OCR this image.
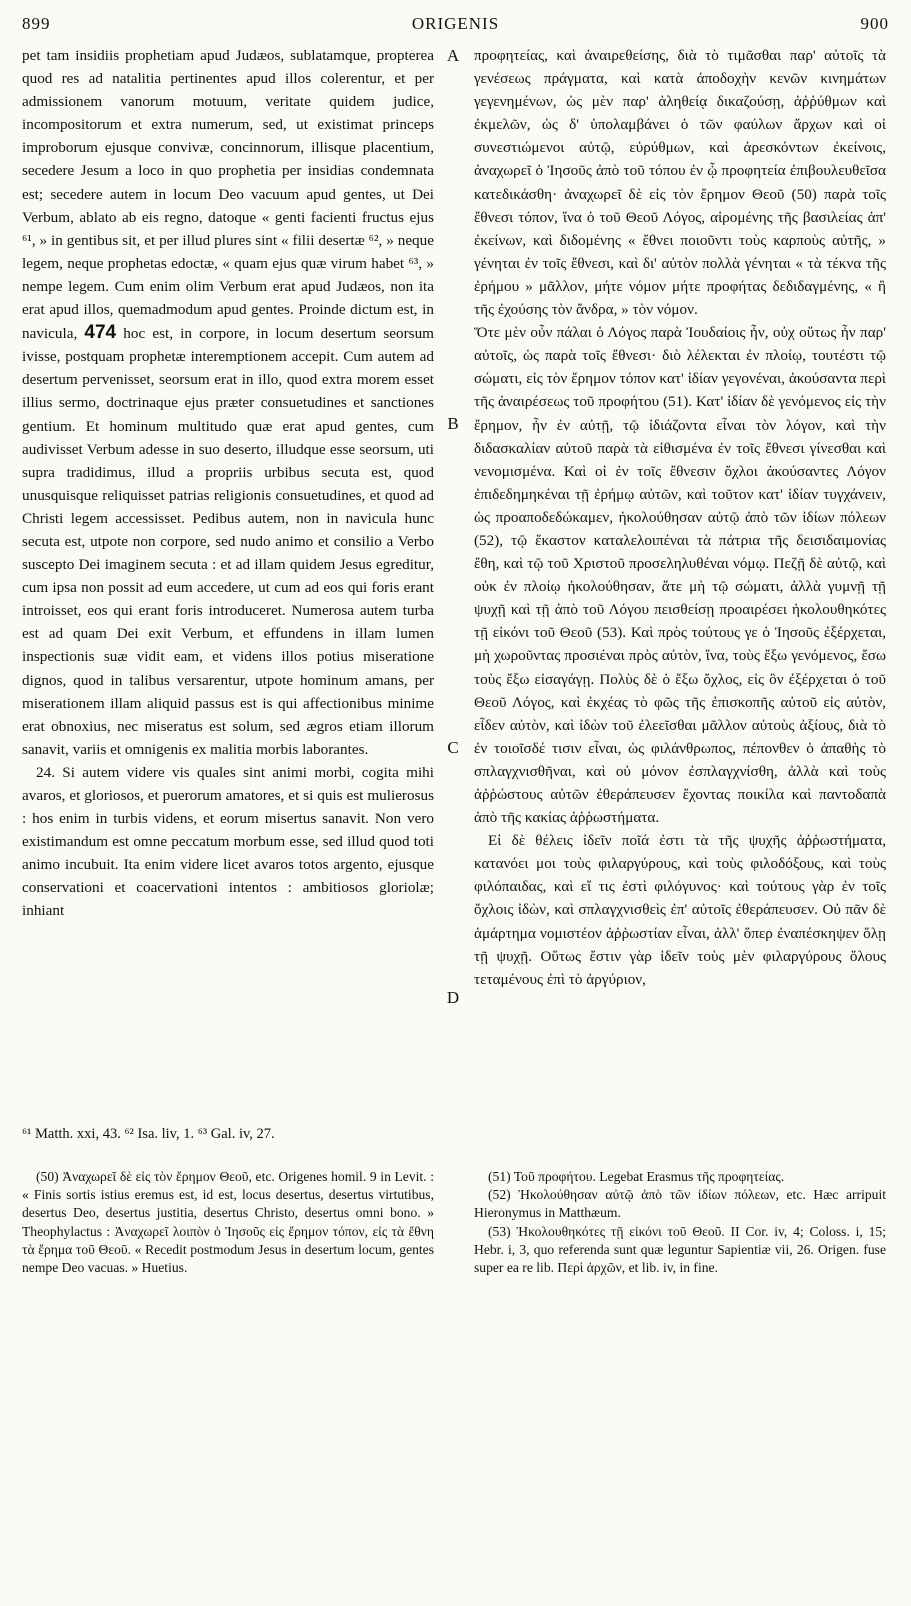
899	ORIGENIS	900

pet tam insidiis prophetiam apud Judæos, sublatamque, propterea quod res ad natalitia pertinentes apud illos colerentur, et per admissionem vanorum motuum, veritate quidem judice, incompositorum et extra numerum, sed, ut existimat princeps improborum ejusque convivæ, concinnorum, illisque placentium, secedere Jesum a loco in quo prophetia per insidias condemnata est; secedere autem in locum Deo vacuum apud gentes, ut Dei Verbum, ablato ab eis regno, datoque « genti facienti fructus ejus ⁶¹, » in gentibus sit, et per illud plures sint « filii desertæ ⁶², » neque legem, neque prophetas edoctæ, « quam ejus quæ virum habet ⁶³, » nempe legem. Cum enim olim Verbum erat apud Judæos, non ita erat apud illos, quemadmodum apud gentes. Proinde dictum est, in navicula, 474 hoc est, in corpore, in locum desertum seorsum ivisse, postquam prophetæ interemptionem accepit. Cum autem ad desertum pervenisset, seorsum erat in illo, quod extra morem esset illius sermo, doctrinaque ejus præter consuetudines et sanctiones gentium. Et hominum multitudo quæ erat apud gentes, cum audivisset Verbum adesse in suo deserto, illudque esse seorsum, uti supra tradidimus, illud a propriis urbibus secuta est, quod unusquisque reliquisset patrias religionis consuetudines, et quod ad Christi legem accessisset. Pedibus autem, non in navicula hunc secuta est, utpote non corpore, sed nudo animo et consilio a Verbo suscepto Dei imaginem secuta : et ad illam quidem Jesus egreditur, cum ipsa non possit ad eum accedere, ut cum ad eos qui foris erant introisset, eos qui erant foris introduceret. Numerosa autem turba est ad quam Dei exit Verbum, et effundens in illam lumen inspectionis suæ vidit eam, et videns illos potius miseratione dignos, quod in talibus versarentur, utpote hominum amans, per miserationem illam aliquid passus est is qui affectionibus minime erat obnoxius, nec miseratus est solum, sed ægros etiam illorum sanavit, variis et omnigenis ex malitia morbis laborantes.

24. Si autem videre vis quales sint animi morbi, cogita mihi avaros, et gloriosos, et puerorum amatores, et si quis est mulierosus : hos enim in turbis videns, et eorum misertus sanavit. Non vero existimandum est omne peccatum morbum esse, sed illud quod toti animo incubuit. Ita enim videre licet avaros totos argento, ejusque conservationi et coacervationi intentos : ambitiosos gloriolæ; inhiant

A
B
C
D

προφητείας, καὶ ἀναιρεθείσης, διὰ τὸ τιμᾶσθαι παρ' αὐτοῖς τὰ γενέσεως πράγματα, καὶ κατὰ ἀποδοχὴν κενῶν κινημάτων γεγενημένων, ὡς μὲν παρ' ἀληθείᾳ δικαζούσῃ, ἀῤῥύθμων καὶ ἐκμελῶν, ὡς δ' ὑπολαμβάνει ὁ τῶν φαύλων ἄρχων καὶ οἱ συνεστιώμενοι αὐτῷ, εὐρύθμων, καὶ ἀρεσκόντων ἐκείνοις, ἀναχωρεῖ ὁ Ἰησοῦς ἀπὸ τοῦ τόπου ἐν ᾧ προφητεία ἐπιβουλευθεῖσα κατεδικάσθη· ἀναχωρεῖ δὲ εἰς τὸν ἔρημον Θεοῦ (50) παρὰ τοῖς ἔθνεσι τόπον, ἵνα ὁ τοῦ Θεοῦ Λόγος, αἱρομένης τῆς βασιλείας ἀπ' ἐκείνων, καὶ διδομένης « ἔθνει ποιοῦντι τοὺς καρποὺς αὐτῆς, » γένηται ἐν τοῖς ἔθνεσι, καὶ δι' αὐτὸν πολλὰ γένηται « τὰ τέκνα τῆς ἐρήμου » μᾶλλον, μήτε νόμον μήτε προφήτας δεδιδαγμένης, « ἢ τῆς ἐχούσης τὸν ἄνδρα, » τὸν νόμον.

Ὅτε μὲν οὖν πάλαι ὁ Λόγος παρὰ Ἰουδαίοις ἦν, οὐχ οὕτως ἦν παρ' αὐτοῖς, ὡς παρὰ τοῖς ἔθνεσι· διὸ λέλεκται ἐν πλοίῳ, τουτέστι τῷ σώματι, εἰς τὸν ἔρημον τόπον κατ' ἰδίαν γεγονέναι, ἀκούσαντα περὶ τῆς ἀναιρέσεως τοῦ προφήτου (51). Κατ' ἰδίαν δὲ γενόμενος εἰς τὴν ἔρημον, ἦν ἐν αὐτῇ, τῷ ἰδιάζοντα εἶναι τὸν λόγον, καὶ τὴν διδασκαλίαν αὐτοῦ παρὰ τὰ εἰθισμένα ἐν τοῖς ἔθνεσι γίνεσθαι καὶ νενομισμένα. Καὶ οἱ ἐν τοῖς ἔθνεσιν ὄχλοι ἀκούσαντες Λόγον ἐπιδεδημηκέναι τῇ ἐρήμῳ αὐτῶν, καὶ τοῦτον κατ' ἰδίαν τυγχάνειν, ὡς προαποδεδώκαμεν, ἠκολούθησαν αὐτῷ ἀπὸ τῶν ἰδίων πόλεων (52), τῷ ἕκαστον καταλελοιπέναι τὰ πάτρια τῆς δεισιδαιμονίας ἔθη, καὶ τῷ τοῦ Χριστοῦ προσεληλυθέναι νόμῳ. Πεζῇ δὲ αὐτῷ, καὶ οὐκ ἐν πλοίῳ ἠκολούθησαν, ἅτε μὴ τῷ σώματι, ἀλλὰ γυμνῇ τῇ ψυχῇ καὶ τῇ ἀπὸ τοῦ Λόγου πεισθείσῃ προαιρέσει ἠκολουθηκότες τῇ εἰκόνι τοῦ Θεοῦ (53). Καὶ πρὸς τούτους γε ὁ Ἰησοῦς ἐξέρχεται, μὴ χωροῦντας προσιέναι πρὸς αὐτὸν, ἵνα, τοὺς ἔξω γενόμενος, ἔσω τοὺς ἔξω εἰσαγάγῃ. Πολὺς δὲ ὁ ἔξω ὄχλος, εἰς ὃν ἐξέρχεται ὁ τοῦ Θεοῦ Λόγος, καὶ ἐκχέας τὸ φῶς τῆς ἐπισκοπῆς αὐτοῦ εἰς αὐτὸν, εἶδεν αὐτὸν, καὶ ἰδὼν τοῦ ἐλεεῖσθαι μᾶλλον αὐτοὺς ἀξίους, διὰ τὸ ἐν τοιοῖσδέ τισιν εἶναι, ὡς φιλάνθρωπος, πέπονθεν ὁ ἀπαθὴς τὸ σπλαγχνισθῆναι, καὶ οὐ μόνον ἐσπλαγχνίσθη, ἀλλὰ καὶ τοὺς ἀῤῥώστους αὐτῶν ἐθεράπευσεν ἔχοντας ποικίλα καὶ παντοδαπὰ ἀπὸ τῆς κακίας ἀῤῥωστήματα.

Εἰ δὲ θέλεις ἰδεῖν ποῖά ἐστι τὰ τῆς ψυχῆς ἀῤῥωστήματα, κατανόει μοι τοὺς φιλαργύρους, καὶ τοὺς φιλοδόξους, καὶ τοὺς φιλόπαιδας, καὶ εἴ τις ἐστὶ φιλόγυνος· καὶ τούτους γὰρ ἐν τοῖς ὄχλοις ἰδὼν, καὶ σπλαγχνισθεὶς ἐπ' αὐτοῖς ἐθεράπευσεν. Οὐ πᾶν δὲ ἁμάρτημα νομιστέον ἀῤῥωστίαν εἶναι, ἀλλ' ὅπερ ἐναπέσκηψεν ὅλῃ τῇ ψυχῇ. Οὕτως ἔστιν γὰρ ἰδεῖν τοὺς μὲν φιλαργύρους ὅλους τεταμένους ἐπὶ τὸ ἀργύριον,

⁶¹ Matth. xxi, 43. ⁶² Isa. liv, 1. ⁶³ Gal. iv, 27.

(50) Ἀναχωρεῖ δὲ εἰς τὸν ἔρημον Θεοῦ, etc. Origenes homil. 9 in Levit. : « Finis sortis istius eremus est, id est, locus desertus, desertus virtutibus, desertus Deo, desertus justitia, desertus Christo, desertus omni bono. » Theophylactus : Ἀναχωρεῖ λοιπὸν ὁ Ἰησοῦς εἰς ἔρημον τόπον, εἰς τὰ ἔθνη τὰ ἔρημα τοῦ Θεοῦ. « Recedit postmodum Jesus in desertum locum, gentes nempe Deo vacuas. » Huetius.

(51) Τοῦ προφήτου. Legebat Erasmus τῆς προφητείας.

(52) Ἠκολούθησαν αὐτῷ ἀπὸ τῶν ἰδίων πόλεων, etc. Hæc arripuit Hieronymus in Matthæum.

(53) Ἠκολουθηκότες τῇ εἰκόνι τοῦ Θεοῦ. II Cor. iv, 4; Coloss. i, 15; Hebr. i, 3, quo referenda sunt quæ leguntur Sapientiæ vii, 26. Origen. fuse super ea re lib. Περὶ ἀρχῶν, et lib. iv, in fine.
